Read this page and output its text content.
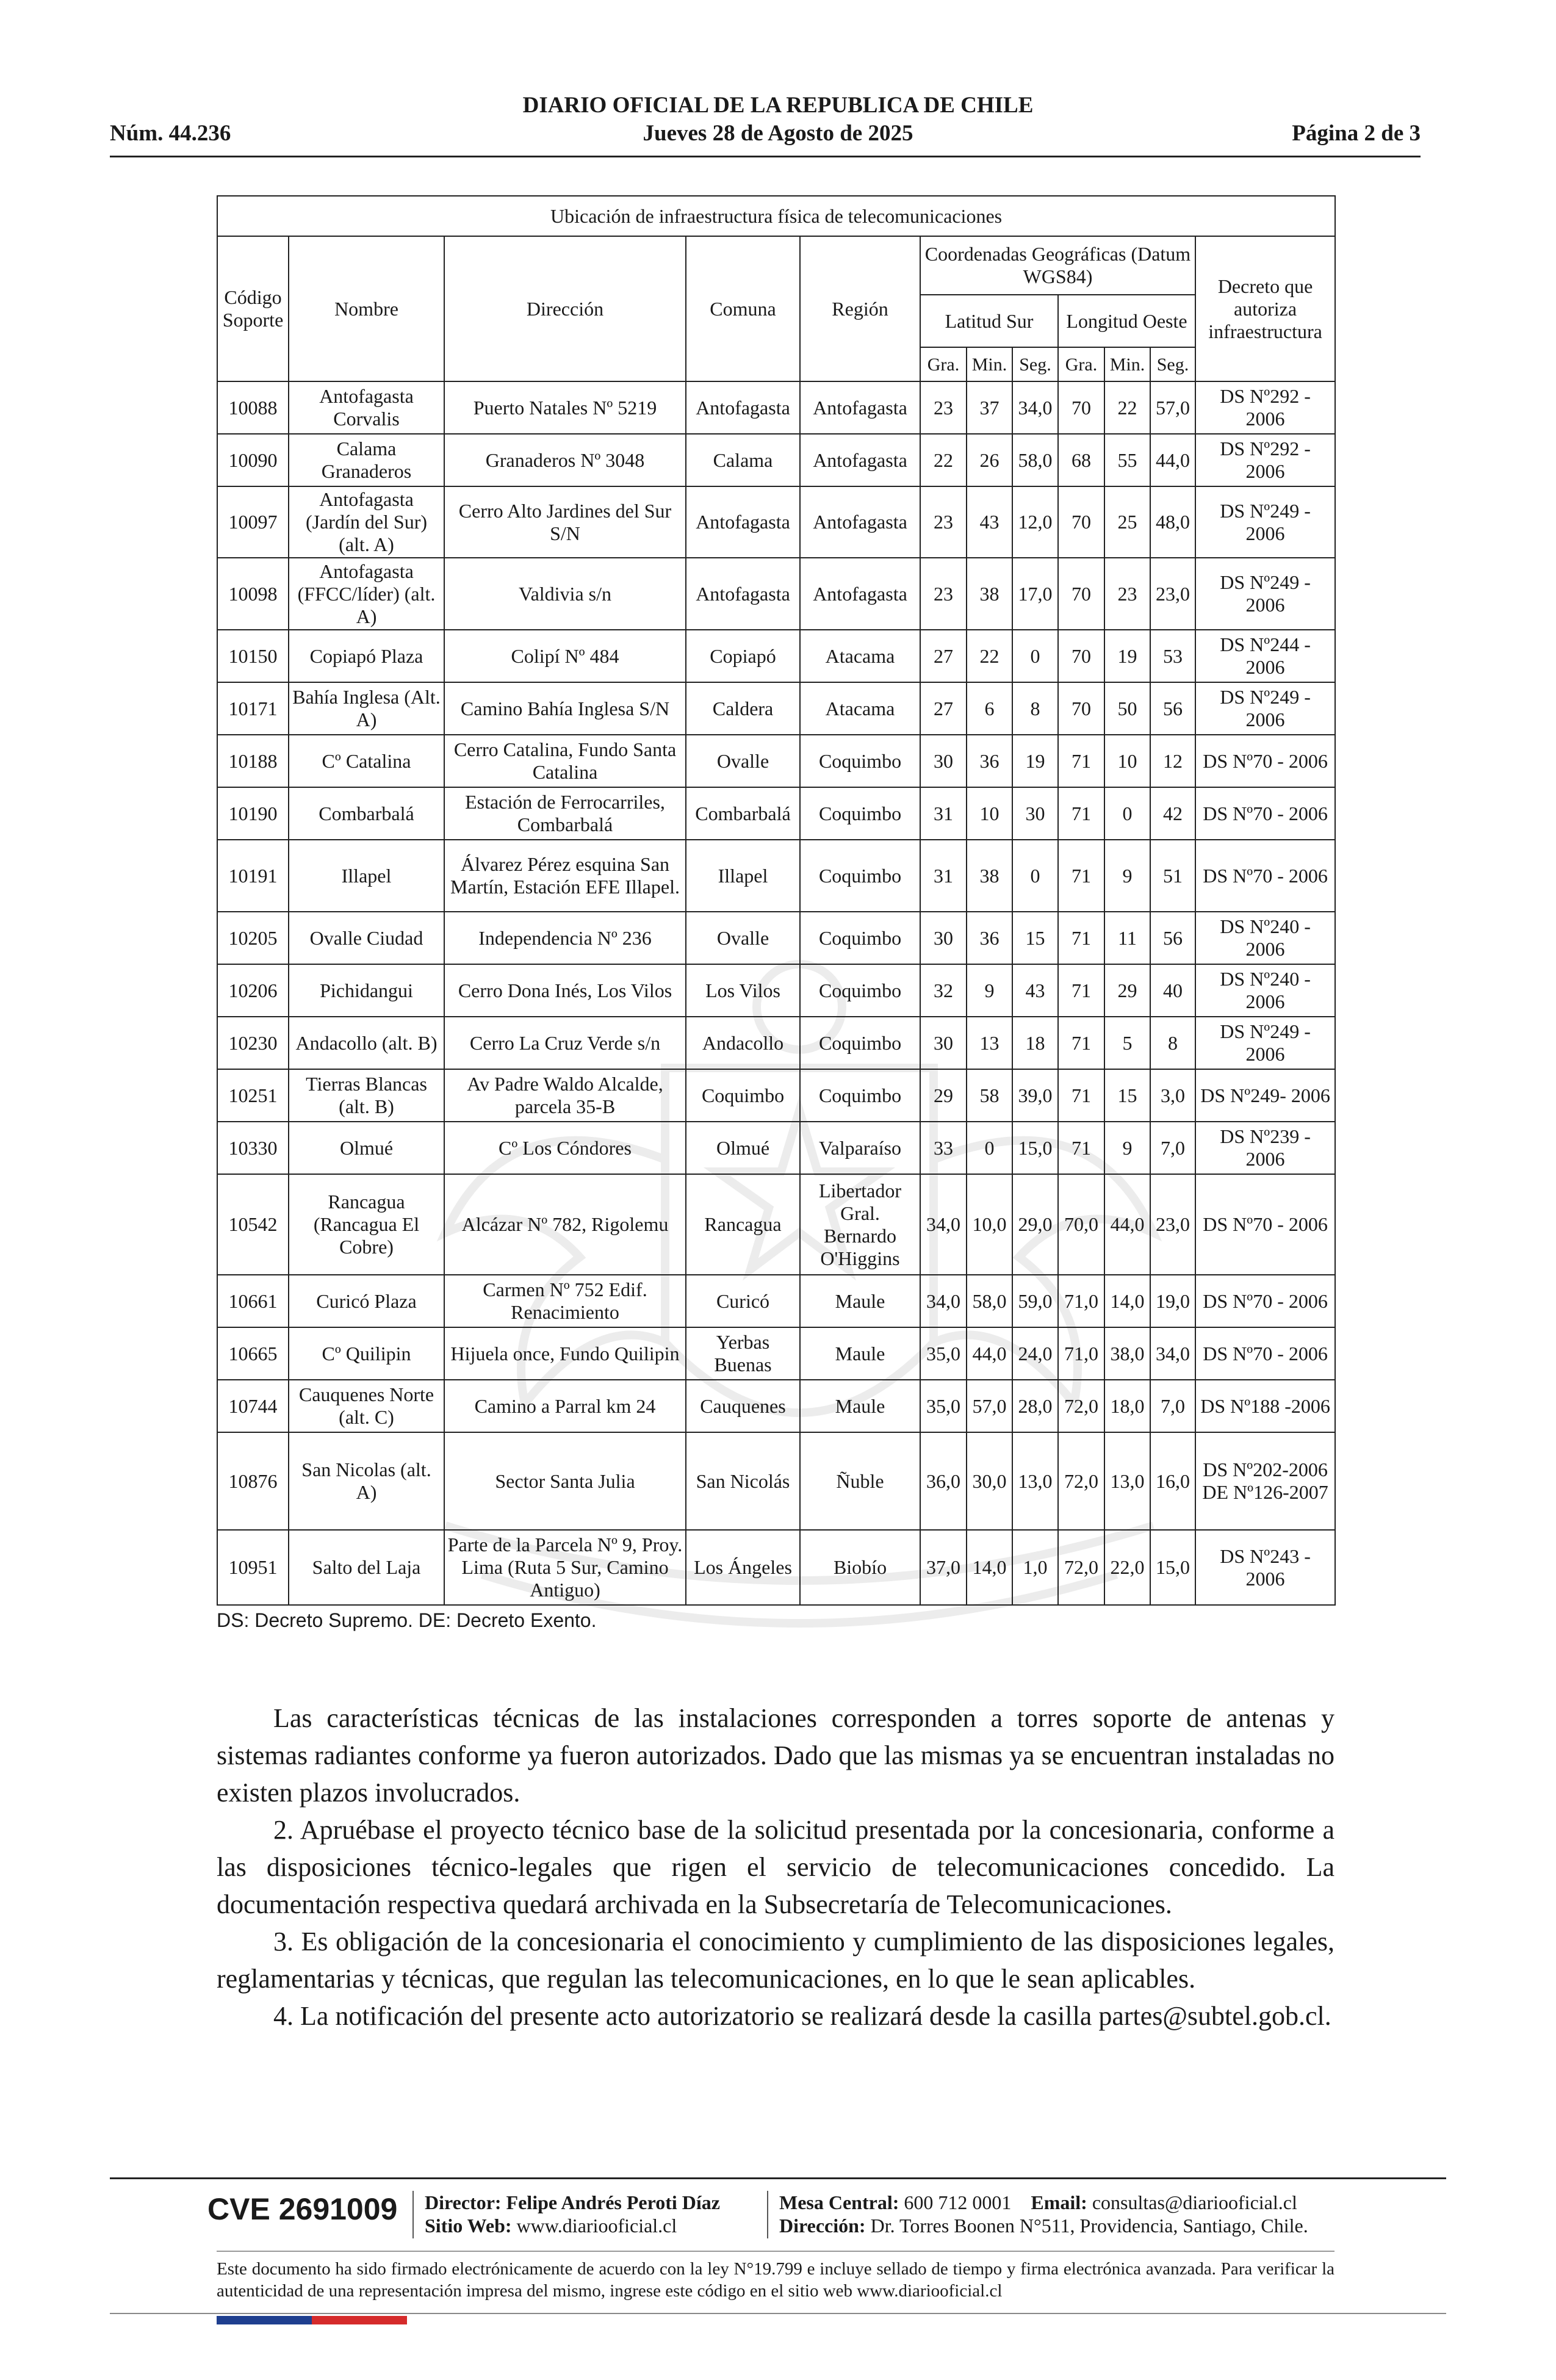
DIARIO OFICIAL DE LA REPUBLICA DE CHILE
Núm. 44.236	Jueves 28 de Agosto de 2025	Página 2 de 3
Ubicación de infraestructura física de telecomunicaciones											
Código Soporte	Nombre	Dirección	Comuna	Región	Coordenadas Geográficas (Datum WGS84)						Decreto que autoriza infraestructura
					Latitud Sur			Longitud Oeste			
					Gra.	Min.	Seg.	Gra.	Min.	Seg.	
10088	Antofagasta Corvalis	Puerto Natales Nº 5219	Antofagasta	Antofagasta	23	37	34,0	70	22	57,0	DS Nº292 - 2006
10090	Calama Granaderos	Granaderos Nº 3048	Calama	Antofagasta	22	26	58,0	68	55	44,0	DS Nº292 - 2006
10097	Antofagasta (Jardín del Sur) (alt. A)	Cerro Alto Jardines del Sur S/N	Antofagasta	Antofagasta	23	43	12,0	70	25	48,0	DS Nº249 - 2006
10098	Antofagasta (FFCC/líder) (alt. A)	Valdivia s/n	Antofagasta	Antofagasta	23	38	17,0	70	23	23,0	DS Nº249 - 2006
10150	Copiapó Plaza	Colipí Nº 484	Copiapó	Atacama	27	22	0	70	19	53	DS Nº244 - 2006
10171	Bahía Inglesa (Alt. A)	Camino Bahía Inglesa S/N	Caldera	Atacama	27	6	8	70	50	56	DS Nº249 - 2006
10188	Cº Catalina	Cerro Catalina, Fundo Santa Catalina	Ovalle	Coquimbo	30	36	19	71	10	12	DS Nº70 - 2006
10190	Combarbalá	Estación de Ferrocarriles, Combarbalá	Combarbalá	Coquimbo	31	10	30	71	0	42	DS Nº70 - 2006
10191	Illapel	Álvarez Pérez esquina San Martín, Estación EFE Illapel.	Illapel	Coquimbo	31	38	0	71	9	51	DS Nº70 - 2006
10205	Ovalle Ciudad	Independencia Nº 236	Ovalle	Coquimbo	30	36	15	71	11	56	DS Nº240 - 2006
10206	Pichidangui	Cerro Dona Inés, Los Vilos	Los Vilos	Coquimbo	32	9	43	71	29	40	DS Nº240 - 2006
10230	Andacollo (alt. B)	Cerro La Cruz Verde s/n	Andacollo	Coquimbo	30	13	18	71	5	8	DS Nº249 - 2006
10251	Tierras Blancas (alt. B)	Av Padre Waldo Alcalde, parcela 35-B	Coquimbo	Coquimbo	29	58	39,0	71	15	3,0	DS Nº249- 2006
10330	Olmué	Cº Los Cóndores	Olmué	Valparaíso	33	0	15,0	71	9	7,0	DS Nº239 - 2006
10542	Rancagua (Rancagua El Cobre)	Alcázar Nº 782, Rigolemu	Rancagua	Libertador Gral. Bernardo O'Higgins	34,0	10,0	29,0	70,0	44,0	23,0	DS Nº70 - 2006
10661	Curicó Plaza	Carmen Nº 752 Edif. Renacimiento	Curicó	Maule	34,0	58,0	59,0	71,0	14,0	19,0	DS Nº70 - 2006
10665	Cº Quilipin	Hijuela once, Fundo Quilipin	Yerbas Buenas	Maule	35,0	44,0	24,0	71,0	38,0	34,0	DS Nº70 - 2006
10744	Cauquenes Norte (alt. C)	Camino a Parral km 24	Cauquenes	Maule	35,0	57,0	28,0	72,0	18,0	7,0	DS Nº188 -2006
10876	San Nicolas (alt. A)	Sector Santa Julia	San Nicolás	Ñuble	36,0	30,0	13,0	72,0	13,0	16,0	DS Nº202-2006 DE Nº126-2007
10951	Salto del Laja	Parte de la Parcela Nº 9, Proy. Lima (Ruta 5 Sur, Camino Antiguo)	Los Ángeles	Biobío	37,0	14,0	1,0	72,0	22,0	15,0	DS Nº243 - 2006
DS: Decreto Supremo. DE: Decreto Exento.

Las características técnicas de las instalaciones corresponden a torres soporte de antenas y sistemas radiantes conforme ya fueron autorizados. Dado que las mismas ya se encuentran instaladas no existen plazos involucrados.

2. Apruébase el proyecto técnico base de la solicitud presentada por la concesionaria, conforme a las disposiciones técnico-legales que rigen el servicio de telecomunicaciones concedido. La documentación respectiva quedará archivada en la Subsecretaría de Telecomunicaciones.

3. Es obligación de la concesionaria el conocimiento y cumplimiento de las disposiciones legales, reglamentarias y técnicas, que regulan las telecomunicaciones, en lo que le sean aplicables.

4. La notificación del presente acto autorizatorio se realizará desde la casilla partes@subtel.gob.cl.

CVE 2691009 Director: Felipe Andrés Peroti Díaz
Sitio Web: www.diariooficial.cl
Mesa Central: 600 712 0001 Email: consultas@diariooficial.cl
Dirección: Dr. Torres Boonen N°511, Providencia, Santiago, Chile.
Este documento ha sido firmado electrónicamente de acuerdo con la ley N°19.799 e incluye sellado de tiempo y firma electrónica avanzada. Para verificar la autenticidad de una representación impresa del mismo, ingrese este código en el sitio web www.diariooficial.cl
